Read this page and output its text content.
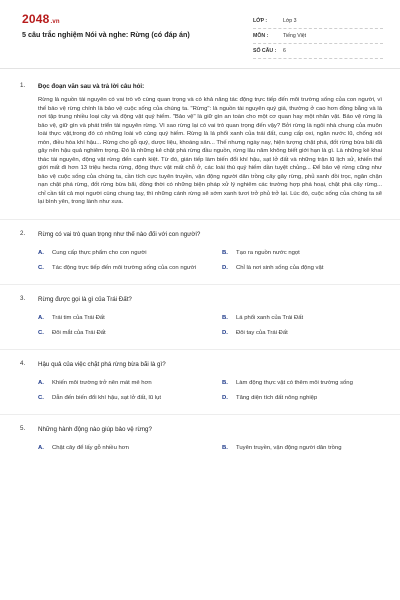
2048.vn
5 câu trắc nghiệm Nói và nghe: Rừng (có đáp án)
LỚP :	Lớp 3
MÔN :	Tiếng Việt
SỐ CÂU :	6
1. Đọc đoạn văn sau và trả lời câu hỏi:
Rừng là nguồn tài nguyên có vai trò vô cùng quan trọng và có khả năng tác động trực tiếp đến môi trường sống của con người, vì thế bảo vệ rừng chính là bảo vệ cuộc sống của chúng ta. "Rừng": là nguồn tài nguyên quý giá, thường ở cao hơn đồng bằng và là nơi tập trung nhiều loại cây và động vật quý hiếm. "Bảo vệ" là giữ gìn an toàn cho một cơ quan hay một nhân vật. Bảo vệ rừng là bảo vệ, giữ gìn và phát triển tài nguyên rừng. Vì sao rừng lại có vai trò quan trọng đến vậy? Bởi rừng là ngôi nhà chung của muôn loài thực vật,trong đó có những loài vô cùng quý hiếm. Rừng là lá phổi xanh của trái đất, cung cấp oxi, ngăn nước lũ, chống xói mòn, điều hòa khí hậu... Rừng cho gỗ quý, dược liệu, khoáng sản... Thế nhưng ngày nay, hiện tượng chặt phá, đốt rừng bừa bãi đã gây nên hậu quả nghiêm trọng. Đó là những kẻ chặt phá rừng đầu nguồn, rừng lâu năm không biết giới hạn là gì. Là những kẻ khai thác tài nguyên, động vật rừng đến cạnh kiệt. Từ đó, gián tiếp làm biến đổi khí hậu, sạt lở đất và những trận lũ lịch sử, khiến thế giới mất đi hơn 13 triệu hecta rừng, động thực vật mất chỗ ở, các loài thú quý hiếm dần tuyệt chủng... Để bảo vệ rừng cũng như bảo vệ cuộc sống của chúng ta, cần tích cực tuyên truyền, vận động người dân trồng cây gây rừng, phủ xanh đồi trọc, ngăn chặn nạn chặt phá rừng, đốt rừng bừa bãi, đồng thời có những biện pháp xử lý nghiêm các trường hợp phá hoại, chặt phá cây rừng... chỉ cần tất cả mọi người cùng chung tay, thì những cánh rừng sẽ sớm xanh tươi trở phủ trở lại. Lúc đó, cuộc sống của chúng ta sẽ lại bình yên, trong lành như xưa.
2. Rừng có vai trò quan trọng như thế nào đối với con người?
A.	Cung cấp thực phẩm cho con người	B.	Tạo ra nguồn nước ngọt
C.	Tác động trực tiếp đến môi trường sống của con người	D.	Chỉ là nơi sinh sống của động vật
3. Rừng được gọi là gì của Trái Đất?
A.	Trái tim của Trái Đất	B.	Lá phổi xanh của Trái Đất
C.	Đôi mắt của Trái Đất	D.	Đôi tay của Trái Đất
4. Hậu quả của việc chặt phá rừng bừa bãi là gì?
A.	Khiến môi trường trở nên mát mẻ hơn	B.	Làm động thực vật có thêm môi trường sống
C.	Dẫn đến biến đổi khí hậu, sạt lở đất, lũ lụt	D.	Tăng diện tích đất nông nghiệp
5. Những hành động nào giúp bảo vệ rừng?
A.	Chặt cây để lấy gỗ nhiều hơn	B.	Tuyên truyền, vận động người dân trồng
